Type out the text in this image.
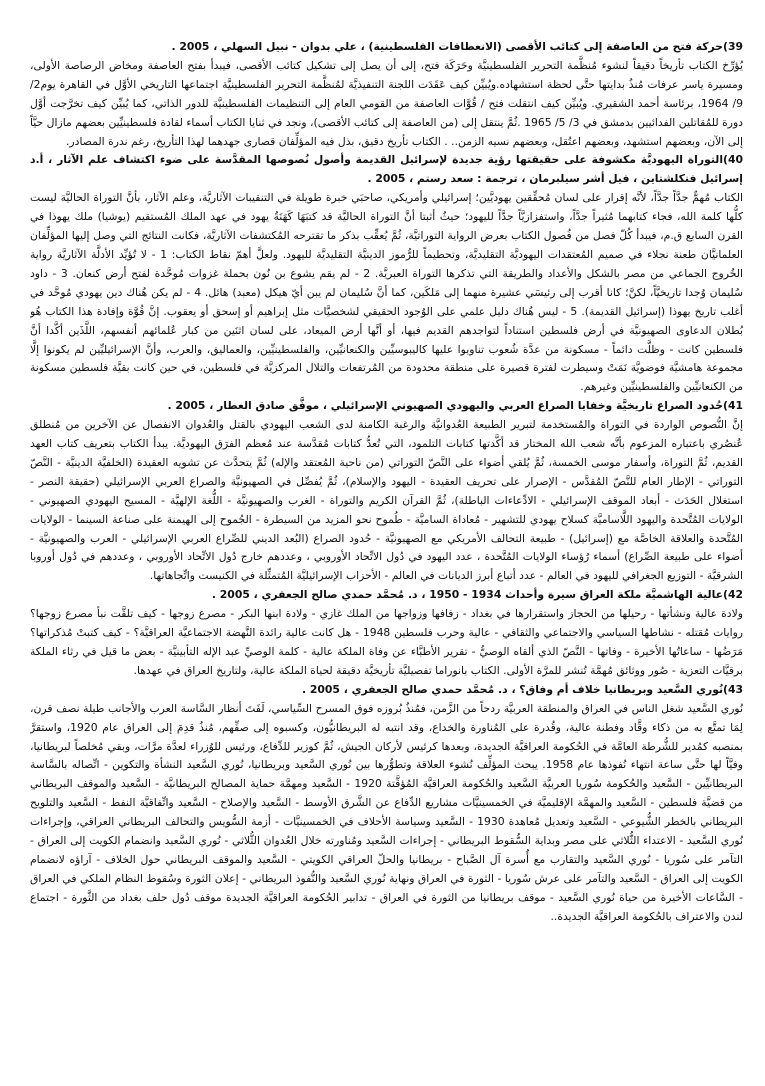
39)حركة فتح من العاصفة إلى كتائب الأقصى (الانعطافات الفلسطينية) ، علي بدوان - نبيل السهلي ، 2005 .

يُؤرِّخ الكتاب تأريخاً دقيقاً لنشوء مُنظَّمة التحرير الفلسطينيَّة وحَرَكَة فتح، إلى أن يصل إلى تشكيل كتائب الأقصى، فيبدأ بفتح العاصفة ومخاض الرصاصة الأولى، ومسيرة ياسر عرفات مُنذُ بدايتها حتَّى لحظة استشهاده.ويُبيِّن كيف عَقَدَت اللجنة التنفيذيَّة لمُنظَّمة التحرير الفلسطينيَّة اجتماعها التاريخي الأوَّل في القاهرة يوم2/ 9/ 1964، برئاسة أحمد الشقيري. ويُبيِّن كيف انتقلت فتح / قُوَّات العاصفة من القومي العام إلى التنظيمات الفلسطينيَّة للدور الذاتي، كما يُبيِّن كيف تخرَّجت أوَّل دورة للمُقاتلين الفدائيين بدمشق في 3/ 5/ 1965 .ثُمَّ ينتقل إلى (من العاصفة إلى كتائب الأقصى)، ونجد في ثنايا الكتاب أسماء لقادة فلسطينيِّين بعضهم مازال حيَّاً إلى الآن، وبعضهم استشهد، وبعضهم اعتُقل، وبعضهم نسيه الزمن.. . الكتاب تأريخ دقيق، بذل فيه المؤلِّفان قصارى جهدهما لهذا التأريخ، رغم ندرة المصادر.

40)التوراة اليهوديَّة مكشوفة على حقيقتها رؤية جديدة لإسرائيل القديمة وأصول نُصوصها المقدَّسة على ضوء اكتشاف علم الآثار ، أ.د إسرائيل فنكلشتاين ، فيل أشر سيلبرمان ، ترجمة : سعد رستم ، 2005 .

الكتاب مُهمٌّ جدَّاً جدَّاً، لأنَّه إقرار على لسان مُحقِّقين يهوديَّين؛ إسرائيلي وأمريكي، صاحبَي خبرة طويلة في التنقيبات الآثاريَّة، وعلم الآثار، بأنَّ التوراة الحاليَّة ليست كلُّها كلمة الله، فجاء كتابهما مُثيراً جدَّاً، واستفزازيَّاً جدَّاً لليهود؛ حيثُ أثبتا أنَّ التوراة الحاليَّة قد كتبَهَا كَهَنَةُ يهود في عهد الملك المُستقيم (يوشيا) ملك يهوذا في القرن السابع ق.م، فيبدأ كُلّ فصل من فُصول الكتاب بعرض الرواية التوراتيَّة، ثُمَّ يُعقِّب بذكر ما تقترحه المُكتشفات الآثاريَّة، فكانت النتائج التي وصل إليها المؤلِّفان العلمانيَّان طعنة نجلاء في صميم المُعتقدات اليهوديَّة التقليديَّة، وتحطيماً للرُّموز الدينيَّة التقليديَّة لليهود. ولعلَّ أهمّ نقاط الكتاب: 1 - لا تُؤيِّد الأدلَّة الآثاريَّة رواية الخُروج الجماعي من مصر بالشكل والأعداد والطريقة التي تذكرها التوراة العبريَّة. 2 - لم يقم يشوع بن نُون بحملة غزوات مُوحَّدة لفتح أرض كنعان. 3 - داود سُليمان وُجدا تاريخيَّاً، لكنَّ؛ كانا أقرب إلى رئيسَي عشيرة منهما إلى مَلكَين، كما أنَّ سُليمان لم يبن أيّ هيكل (معبد) هائل. 4 - لم يكن هُناك دين يهودي مُوحَّد في أغلب تاريخ يهوذا (إسرائيل القديمة). 5 - ليس هُناك دليل علمي على الوُجود الحقيقي لشخصيَّات مثل إبراهيم أو إسحق أو يعقوب. إنَّ قُوَّة وإفادة هذا الكتاب هُو بُطلان الدعاوى الصهيونيَّة في أرض فلسطين استناداً لتواجدهم القديم فيها، أو أنَّها أرض الميعاد، على لسان اثنَين من كبار عُلمائهم أنفسهم، اللَّذَين أكَّدا أنَّ فلسطين كانت - وظلَّت دائماً - مسكونة من عدَّة شُعوب تناوبوا عليها كاليبوسيِّين والكنعانيِّين، والفلسطينيِّين، والعماليق، والعرب، وأنَّ الإسرائيليِّين لم يكونوا إلَّا مجموعة هامشيَّة فوضويَّة نَمَتْ وسيطرت لفترة قصيرة على منطقة محدودة من المُرتفعات والتلال المركزيَّة في فلسطين، في حين كانت بقيَّة فلسطين مسكونة من الكنعانيِّين والفلسطينيِّين وغيرهم.

41)حُدود الصراع تاريخيَّة وخفايا الصراع العربي واليهودي الصهيوني الإسرائيلي ، موفَّق صادق العطار ، 2005 .

إنَّ النُّصوص الواردة في التوراة والمُستخدمة لتبرير الطبيعة العُدوانيَّة والرغبة الكامنة لدى الشعب اليهودي بالقتل والعُدوان الانفصال عن الآخرين من مُنطلق عُنصُري باعتباره المزعوم بأنَّه شعب الله المختار قد أكَّدتها كتابات التلمود، التي تُعدُّ كتابات مُقدَّسة عند مُعظم الفرَق اليهوديَّة. يبدأ الكتاب بتعريف كتاب العهد القديم، ثُمَّ التوراة، وأسفار موسى الخمسة، ثُمَّ يُلقي أضواء على النَّصّ التوراتي (من ناحية المُعتقد والإله) ثُمَّ يتحدَّث عن تشويه العقيدة (الخلفيَّة الدينيَّة - النَّصّ التوراتي - الإطار العام للنَّصّ المُقدَّس - الإصرار على تحريف العقيدة - اليهود والإسلام)، ثُمَّ يُفصِّل في الصهيونيَّة والصراع العربي الإسرائيلي (حقيقة النصر - استغلال الحَدَث - أبعاد الموقف الإسرائيلي - الادِّعاءات الباطلة)، ثُمَّ القرآن الكريم والتوراة - الغرب والصهيونيَّة - اللُّغة الإلهيَّة - المسيح اليهودي الصهيوني - الولايات المُتَّحدة واليهود اللَّاساميَّة كسلاح يهودي للتشهير - مُعاداة الساميَّة - طُموح نحو المزيد من السيطرة - الجُموح إلى الهيمنة على صناعة السينما - الولايات المُتَّحدة والعلاقة الخاصَّة مع (إسرائيل) - طبيعة التحالف الأمريكي مع الصهيونيَّة - حُدود الصراع (البُعد الديني للصِّراع العربي الإسرائيلي - العرب والصهيونيَّة - أضواء على طبيعة الصِّراع) أسماء رُؤساء الولايات المُتَّحدة ، عدد اليهود في دُول الاتِّحاد الأوروبي ، وعددهم خارج دُول الاتِّحاد الأوروبي ، وعددهم في دُول أوروبا الشرقيَّة - التوزيع الجغرافي لليهود في العالم - عدد أتباع أبرز الديانات في العالم - الأحزاب الإسرائيليَّة المُتمثِّلة في الكنيست واتِّجاهاتها.

42)عالية الهاشميَّة ملكة العراق سيرة وأحداث 1934 - 1950 ، د. مُحمَّد حمدي صالح الجعفري ، 2005 .

ولادة عالية ونشأتها - رحيلها من الحجاز واستقرارها في بغداد - زفافها وزواجها من الملك غازي - ولادة ابنها البكر - مصرع زوجها - كيف تلقَّت نبأ مصرع زوجها؟ روايات مُقتله - نشاطها السياسي والاجتماعي والثقافي - عالية وحرب فلسطين 1948 - هل كانت عالية رائدة النَّهضة الاجتماعيَّة العراقيَّة؟ - كيف كتبتْ مُذكراتها؟ مَرَضُها - ساعاتُها الأخيرة - وفاتها - النَّصّ الذي ألقاه الوصيُّ - تقرير الأطبَّاء عن وفاة الملكة عالية - كلمة الوصيِّ عبد الإله التأبينيَّة - بعض ما قيل في رثاء الملكة برقيَّات التعزية - صُور ووثائق مُهمَّة تُنشر للمرَّة الأولى. الكتاب بانوراما تفصيليَّة تأريخيَّة دقيقة لحياة الملكة عالية، ولتاريخ العراق في عهدها.

43)نُوري السَّعيد وبريطانيا خلاف أم وفاق؟ ، د. مُحمَّد حمدي صالح الجعفري ، 2005 .

نُوري السَّعيد شغل الناس في العراق والمنطقة العربيَّة ردحاً من الزَّمن، فمُنذُ بُروزه فوق المسرح السِّياسي، لَفَتَ أنظار السَّاسة العرب والأجانب طيلة نصف قرن، لِمَا تمتَّع به من ذكاء وقَّاد وفطنة عالية، وقُدرة على المُناورة والخداع، وقد انتبه له البريطانيُّون، وكسبوه إلى صفِّهم، مُنذُ قدِمَ إلى العراق عام 1920، واستقرَّ بمنصبه كمُدير للشُّرطة العامَّة في الحُكومة العراقيَّة الجديدة، وبعدها كرئيس لأركان الجيش، ثُمَّ كوزير للدِّفاع، ورئيس للوُزراء لعدَّة مرَّات، وبقي مُخلصاً لبريطانيا، وفيَّاً لها حتَّى ساعة انتهاء نُفوذها عام 1958. يبحث المؤلِّف نُشوء العلاقة وتطوُّرها بين نُوري السَّعيد وبريطانيا، نُوري السَّعيد النشأة والتكوين - اتِّصاله بالسَّاسة البريطانيِّين - السَّعيد والحُكومة سُوريا العربيَّة السَّعيد والحُكومة العراقيَّة المُؤقَّتة 1920 - السَّعيد ومهمَّة حماية المصالح البريطانيَّة - السَّعيد والموقف البريطاني من قضيَّة فلسطين - السَّعيد والمهمَّة الإقليميَّة في الخمسينيَّات مشاريع الدِّفاع عن الشَّرق الأوسط - السَّعيد والإصلاح - السَّعيد واتِّفاقيَّة النفط - السَّعيد والتلويح البريطاني بالخطر الشُّيوعي - السَّعيد وتعديل مُعاهدة 1930 - السَّعيد وسياسة الأحلاف في الخمسينيَّات - أزمة السُّويس والتحالف البريطاني العراقي، وإجراءات نُوري السَّعيد - الاعتداء الثُّلاثي على مصر وبداية السُّقوط البريطاني - إجراءات السَّعيد ومُناورته خلال العُدوان الثُّلاثي - نُوري السَّعيد وانضمام الكويت إلى العراق - التآمر على سُوريا - نُوري السَّعيد والتقارب مع أُسرة آل الصَّباح - بريطانيا والحلّ العراقي الكويتي - السَّعيد والموقف البريطاني حول الخلاف - آراؤه لانضمام الكويت إلى العراق - السَّعيد والتآمر على عرش سُوريا - الثورة في العراق ونهاية نُوري السَّعيد والنُّفوذ البريطاني - إعلان الثورة وسُقوط النظام الملكي في العراق - السَّاعات الأخيرة من حياة نُوري السَّعيد - موقف بريطانيا من الثورة في العراق - تدابير الحُكومة العراقيَّة الجديدة موقف دُول حلف بغداد من الثَّورة - اجتماع لندن والاعتراف بالحُكومة العراقيَّة الجديدة..
